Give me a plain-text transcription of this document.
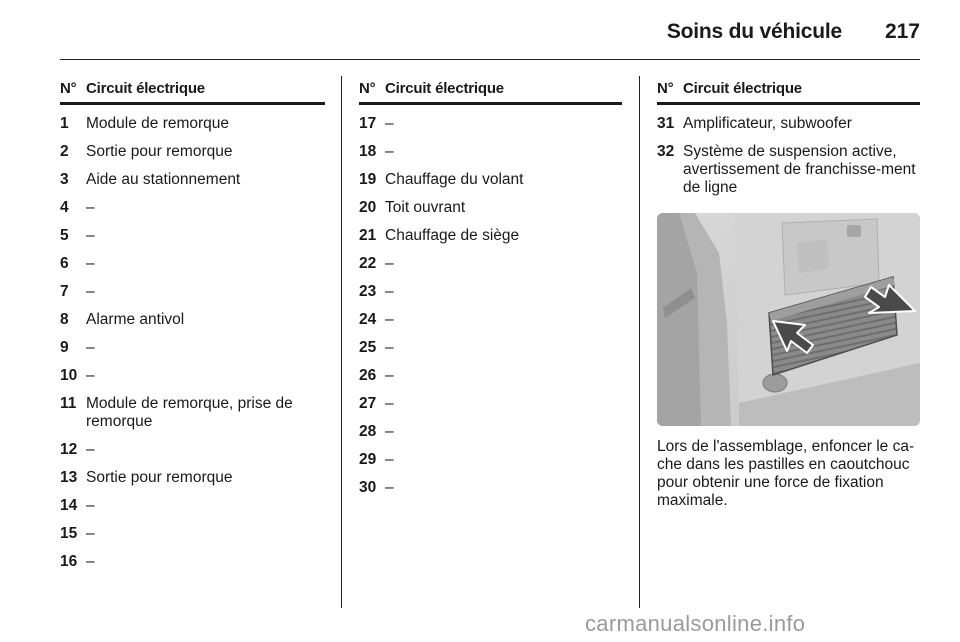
Soins du véhicule 217
N° Circuit électrique
1	Module de remorque
2	Sortie pour remorque
3	Aide au stationnement
4	–
5	–
6	–
7	–
8	Alarme antivol
9	–
10 –
11 Module de remorque, prise de remorque
12 –
13 Sortie pour remorque
14 –
15 –
16 –
N° Circuit électrique
17 –
18 –
19 Chauffage du volant
20 Toit ouvrant
21 Chauffage de siège
22 –
23 –
24 –
25 –
26 –
27 –
28 –
29 –
30 –
N° Circuit électrique
31 Amplificateur, subwoofer
32 Système de suspension active, avertissement de franchisse-ment de ligne
Lors de l'assemblage, enfoncer le ca-che dans les pastilles en caoutchouc pour obtenir une force de fixation maximale.
carmanualsonline.info
